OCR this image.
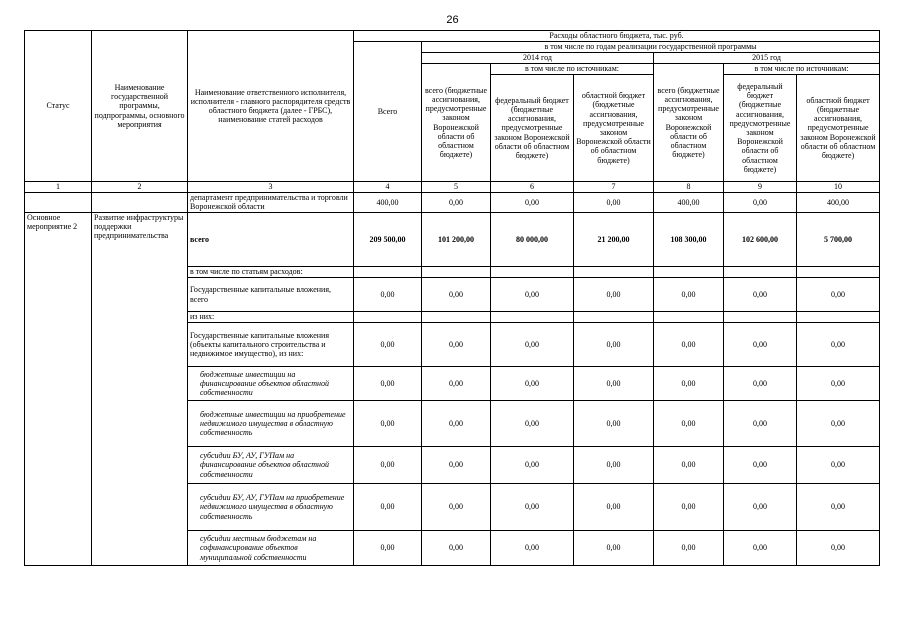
26
Статус	Наименование государственной программы, подпрограммы, основного мероприятия	Наименование ответственного исполнителя, исполнителя - главного распорядителя средств областного бюджета (далее - ГРБС), наименование статей расходов	Расходы областного бюджета, тыс. руб.						
			Всего	в том числе по годам реализации государственной программы					
				2014 год			2015 год		
				всего (бюджетные ассигнования, предусмотренные законом Воронежской области об областном бюджете)	в том числе по источникам:		всего (бюджетные ассигнования, предусмотренные законом Воронежской области об областном бюджете)	в том числе по источникам:	
					федеральный бюджет (бюджетные ассигнования, предусмотренные законом Воронежской области об областном бюджете)	областной бюджет (бюджетные ассигнования, предусмотренные законом Воронежской области об областном бюджете)		федеральный бюджет (бюджетные ассигнования, предусмотренные законом Воронежской области об областном бюджете)	областной бюджет (бюджетные ассигнования, предусмотренные законом Воронежской области об областном бюджете)
1	2	3	4	5	6	7	8	9	10
		департамент предпринимательства и торговли Воронежской области	400,00	0,00	0,00	0,00	400,00	0,00	400,00
Основное мероприятие 2	Развитие инфраструктуры поддержки предпринимательства	всего	209 500,00	101 200,00	80 000,00	21 200,00	108 300,00	102 600,00	5 700,00
		в том числе по статьям расходов:							
		Государственные капитальные вложения, всего	0,00	0,00	0,00	0,00	0,00	0,00	0,00
		из них:							
		Государственные капитальные вложения (объекты капитального строительства и недвижимое имущество), из них:	0,00	0,00	0,00	0,00	0,00	0,00	0,00
		бюджетные инвестиции на финансирование объектов областной собственности	0,00	0,00	0,00	0,00	0,00	0,00	0,00
		бюджетные инвестиции на приобретение недвижимого имущества в областную собственность	0,00	0,00	0,00	0,00	0,00	0,00	0,00
		субсидии БУ, АУ, ГУПам на финансирование объектов областной собственности	0,00	0,00	0,00	0,00	0,00	0,00	0,00
		субсидии БУ, АУ, ГУПам на приобретение недвижимого имущества в областную собственность	0,00	0,00	0,00	0,00	0,00	0,00	0,00
		субсидии местным бюджетам на софинансирование объектов муниципальной собственности	0,00	0,00	0,00	0,00	0,00	0,00	0,00
